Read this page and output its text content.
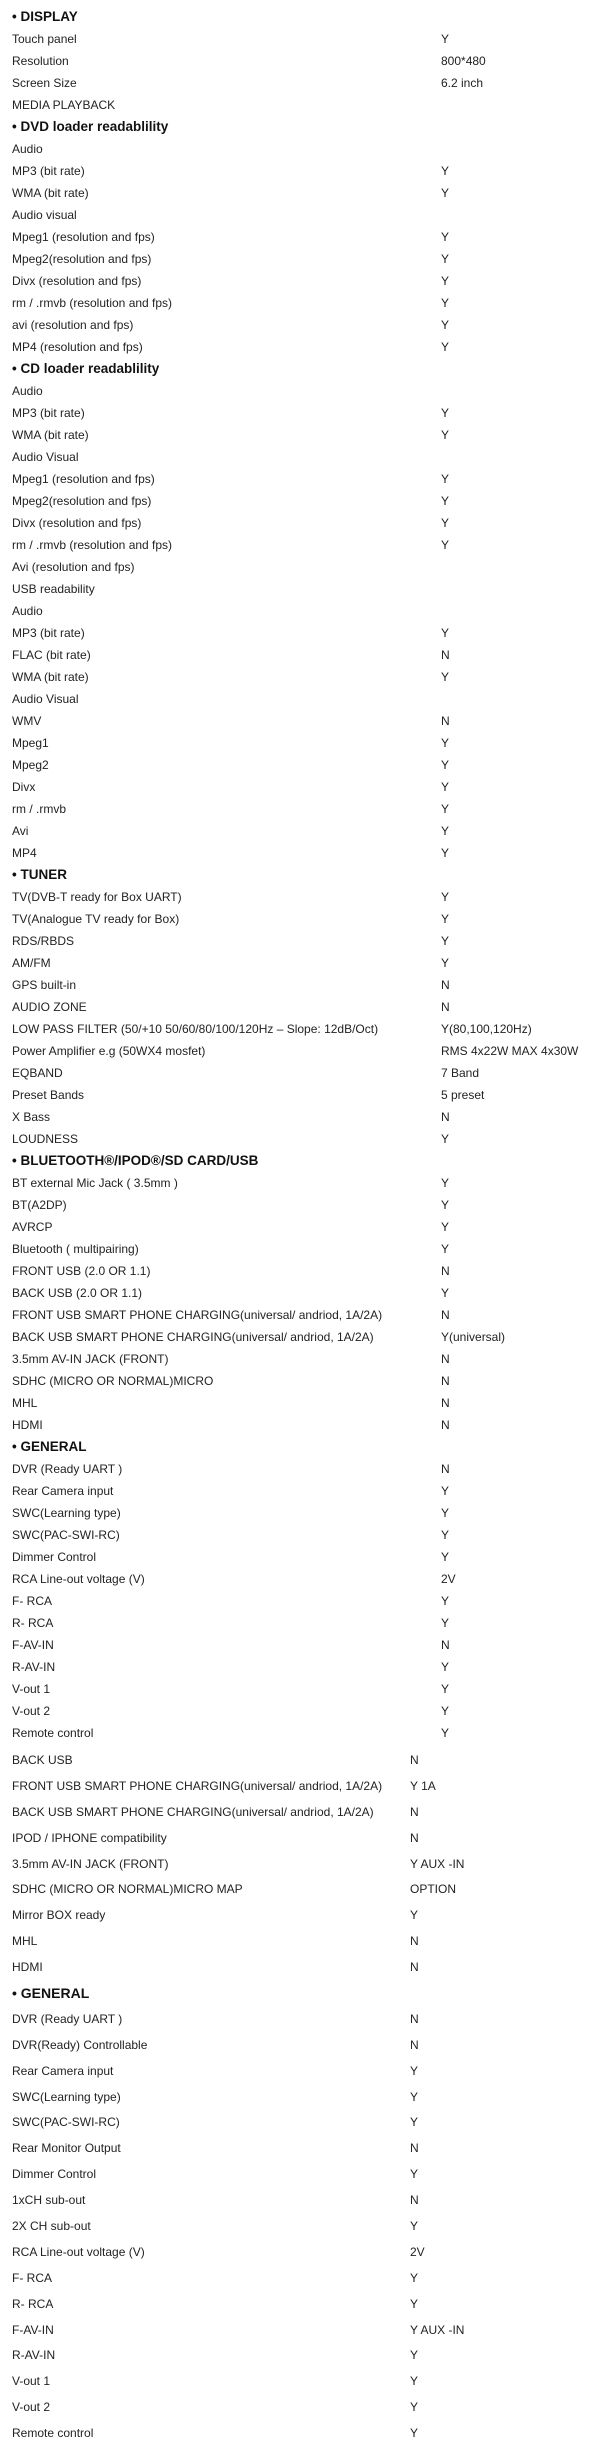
• DISPLAY
Touch panel	Y
Resolution	800*480
Screen Size	6.2 inch
MEDIA PLAYBACK
• DVD loader readablility
Audio
MP3 (bit rate)	Y
WMA (bit rate)	Y
Audio visual
Mpeg1 (resolution and fps)	Y
Mpeg2(resolution and fps)	Y
Divx (resolution and fps)	Y
rm / .rmvb (resolution and fps)	Y
avi (resolution and fps)	Y
MP4 (resolution and fps)	Y
• CD loader readablility
Audio
MP3 (bit rate)	Y
WMA (bit rate)	Y
Audio Visual
Mpeg1 (resolution and fps)	Y
Mpeg2(resolution and fps)	Y
Divx (resolution and fps)	Y
rm / .rmvb (resolution and fps)	Y
Avi (resolution and fps)
USB readability
Audio
MP3 (bit rate)	Y
FLAC (bit rate)	N
WMA (bit rate)	Y
Audio Visual
WMV	N
Mpeg1	Y
Mpeg2	Y
Divx	Y
rm / .rmvb	Y
Avi	Y
MP4	Y
• TUNER
TV(DVB-T ready for Box UART)	Y
TV(Analogue TV ready for Box)	Y
RDS/RBDS	Y
AM/FM	Y
GPS built-in	N
AUDIO ZONE	N
LOW PASS FILTER (50/+10 50/60/80/100/120Hz – Slope: 12dB/Oct)	Y(80,100,120Hz)
Power Amplifier e.g (50WX4 mosfet)	RMS 4x22W MAX 4x30W
EQBAND	7 Band
Preset Bands	5 preset
X Bass	N
LOUDNESS	Y
• BLUETOOTH®/IPOD®/SD CARD/USB
BT external Mic Jack ( 3.5mm )	Y
BT(A2DP)	Y
AVRCP	Y
Bluetooth ( multipairing)	Y
FRONT USB (2.0 OR 1.1)	N
BACK USB (2.0 OR 1.1)	Y
FRONT USB SMART PHONE CHARGING(universal/ andriod, 1A/2A)	N
BACK USB SMART PHONE CHARGING(universal/ andriod, 1A/2A)	Y(universal)
3.5mm AV-IN JACK (FRONT)	N
SDHC (MICRO OR NORMAL)MICRO	N
MHL	N
HDMI	N
• GENERAL
DVR (Ready UART )	N
Rear Camera input	Y
SWC(Learning type)	Y
SWC(PAC-SWI-RC)	Y
Dimmer Control	Y
RCA Line-out voltage (V)	2V
F- RCA	Y
R- RCA	Y
F-AV-IN	N
R-AV-IN	Y
V-out 1	Y
V-out 2	Y
Remote control	Y
BACK USB	N
FRONT USB SMART PHONE CHARGING(universal/ andriod, 1A/2A) Y 1A
BACK USB SMART PHONE CHARGING(universal/ andriod, 1A/2A)	N
IPOD / IPHONE compatibility	N
3.5mm AV-IN JACK (FRONT)	Y AUX -IN
SDHC (MICRO OR NORMAL)MICRO MAP	OPTION
Mirror BOX ready	Y
MHL	N
HDMI	N
• GENERAL
DVR (Ready UART )	N
DVR(Ready) Controllable	N
Rear Camera input	Y
SWC(Learning type)	Y
SWC(PAC-SWI-RC)	Y
Rear Monitor Output	N
Dimmer Control	Y
1xCH sub-out	N
2X CH sub-out	Y
RCA Line-out voltage (V)	2V
F- RCA	Y
R- RCA	Y
F-AV-IN	Y AUX -IN
R-AV-IN	Y
V-out 1	Y
V-out 2	Y
Remote control	Y
